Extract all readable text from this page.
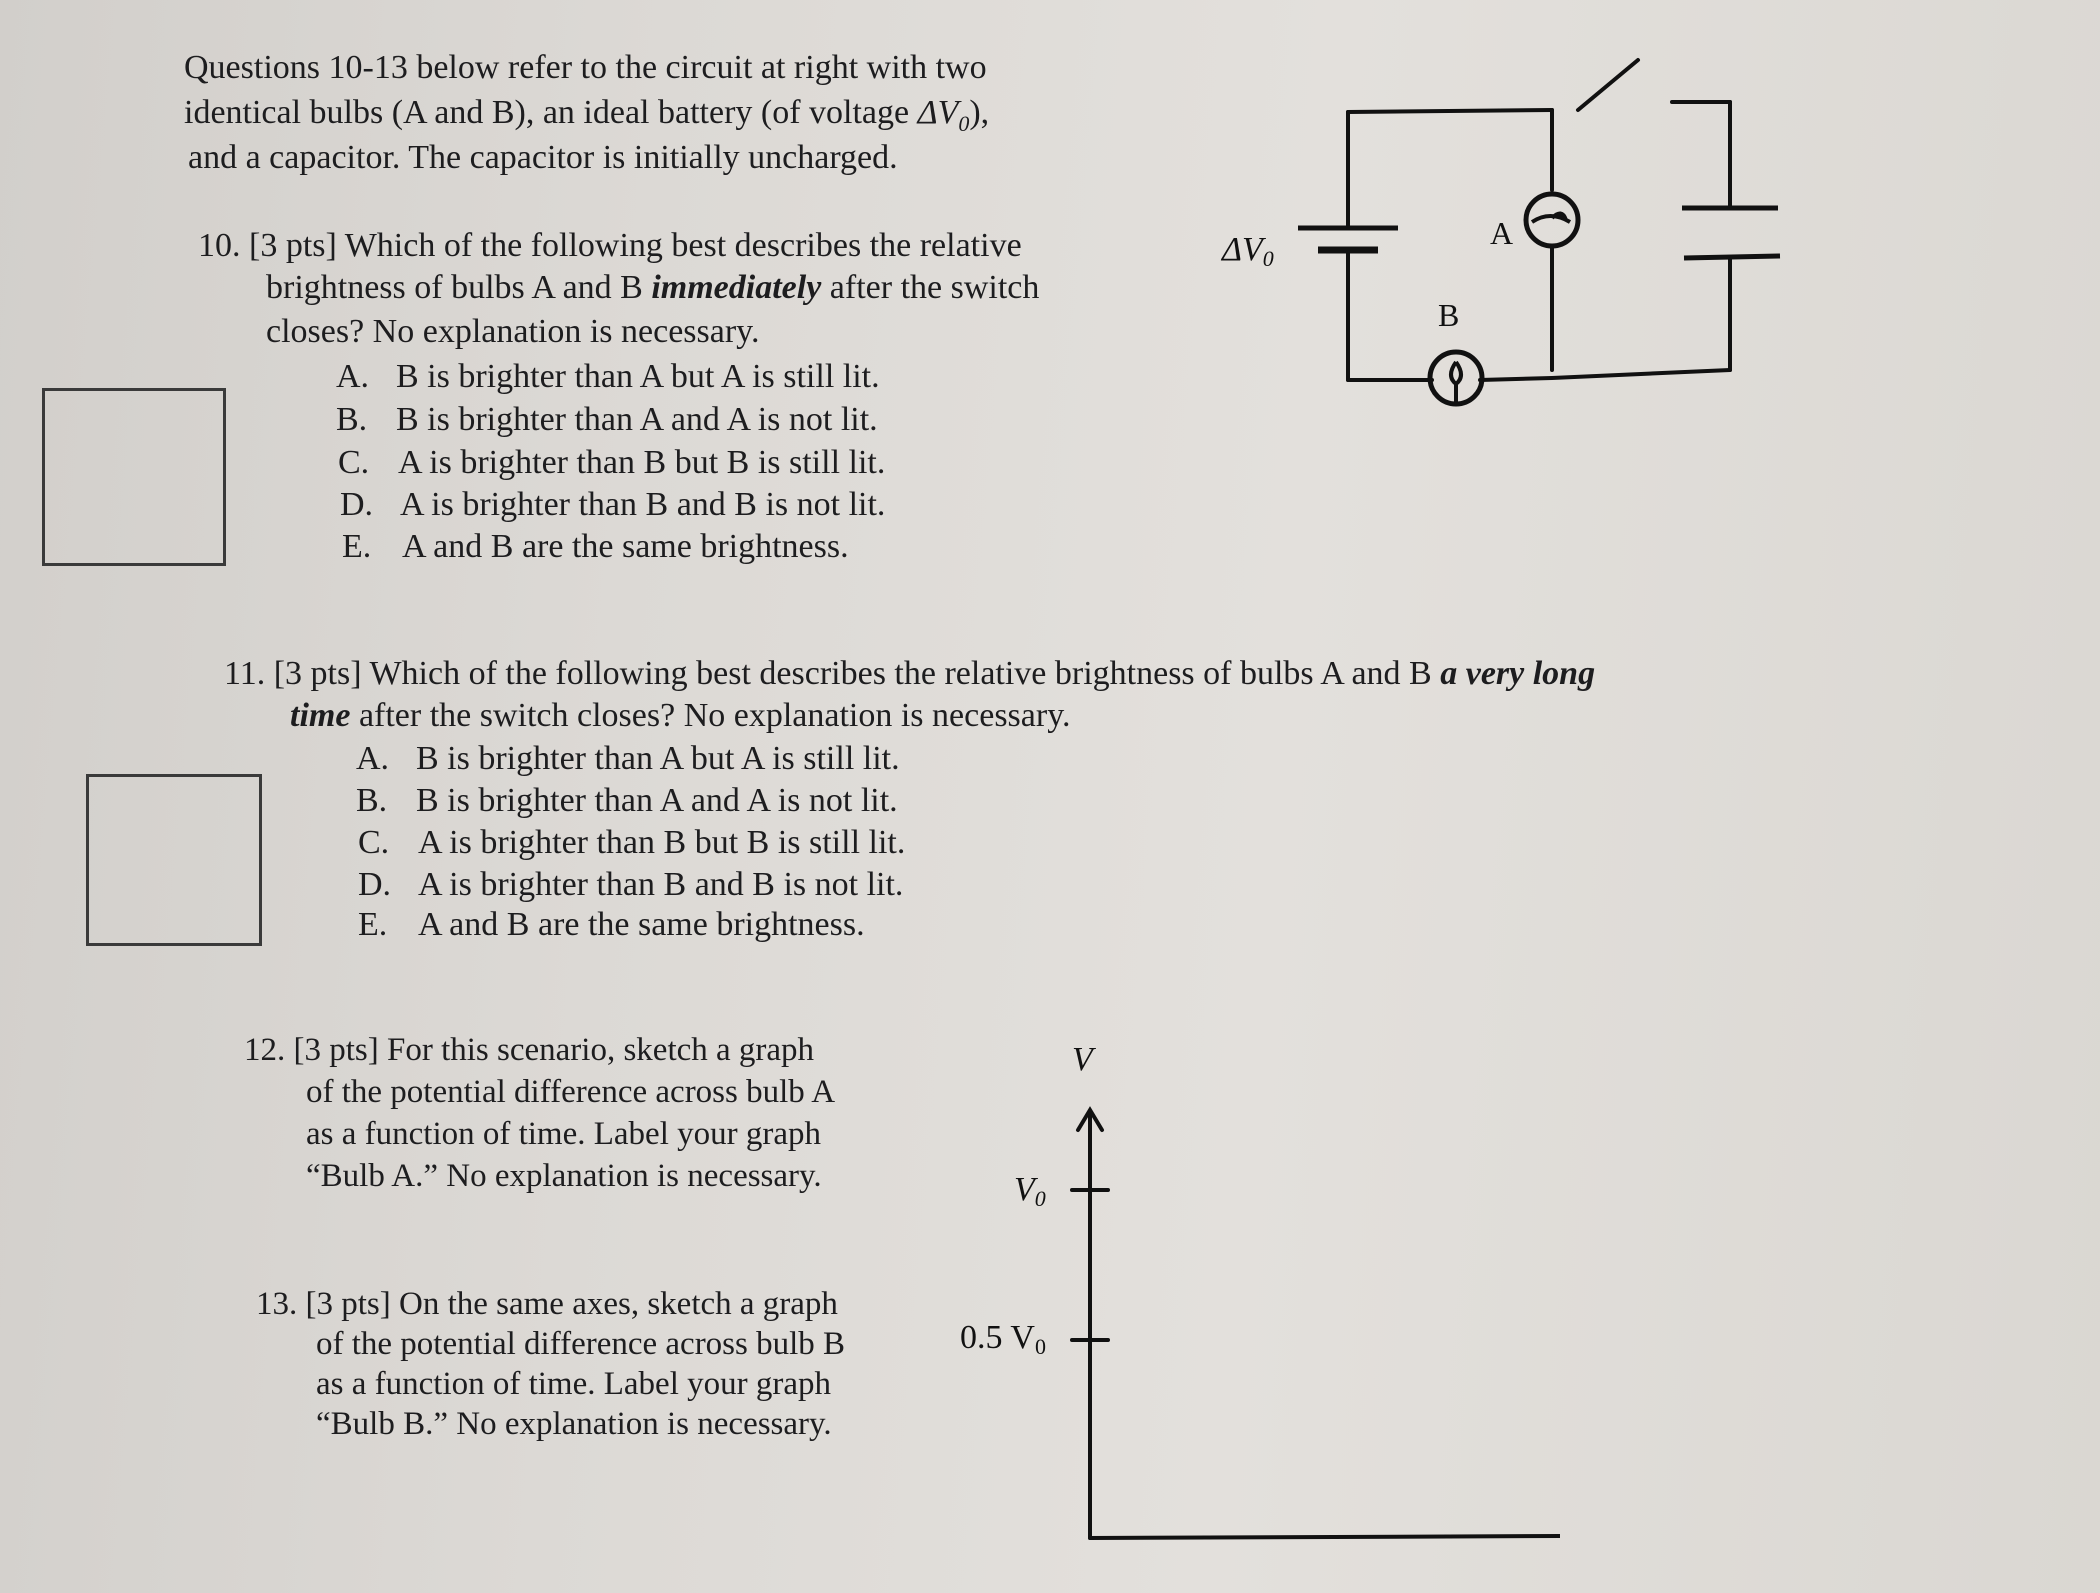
Questions 10-13 below refer to the circuit at right with two
identical bulbs (A and B), an ideal battery (of voltage $\Delta V_0$),
and a capacitor. The capacitor is initially uncharged.
10. [3 pts] Which of the following best describes the relative
brightness of bulbs A and B immediately after the switch
closes? No explanation is necessary.
A. B is brighter than A but A is still lit.
B. B is brighter than A and A is not lit.
C. A is brighter than B but B is still lit.
D. A is brighter than B and B is not lit.
E. A and B are the same brightness.
11. [3 pts] Which of the following best describes the relative brightness of bulbs A and B a very long
time after the switch closes? No explanation is necessary.
A. B is brighter than A but A is still lit.
B. B is brighter than A and A is not lit.
C. A is brighter than B but B is still lit.
D. A is brighter than B and B is not lit.
E. A and B are the same brightness.
12. [3 pts] For this scenario, sketch a graph
of the potential difference across bulb A
as a function of time. Label your graph
“Bulb A.” No explanation is necessary.
13. [3 pts] On the same axes, sketch a graph
of the potential difference across bulb B
as a function of time. Label your graph
“Bulb B.” No explanation is necessary.
ΔV0
A
B
V
V0
0.5 V0
